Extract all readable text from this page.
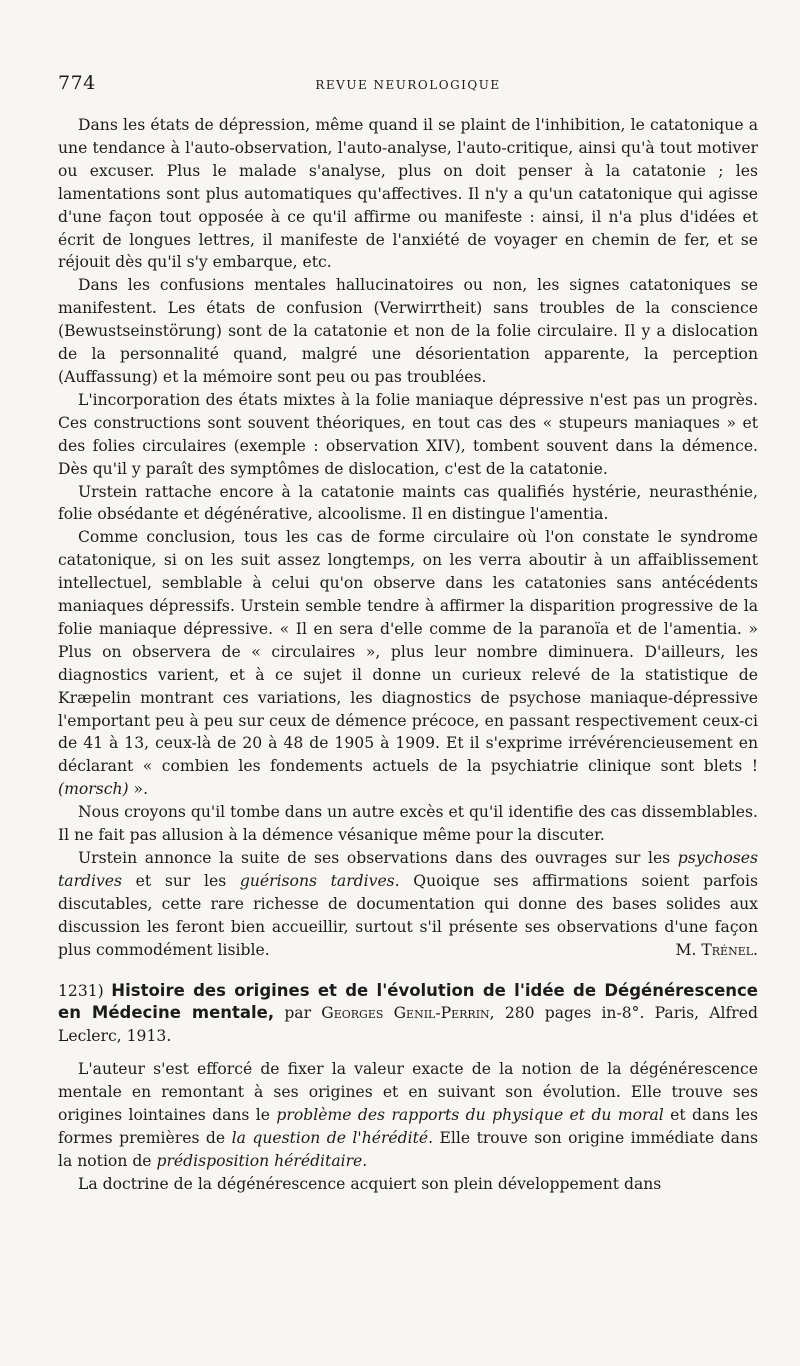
774	REVUE NEUROLOGIQUE

Dans les états de dépression, même quand il se plaint de l'inhibition, le catatonique a une tendance à l'auto-observation, l'auto-analyse, l'auto-critique, ainsi qu'à tout motiver ou excuser. Plus le malade s'analyse, plus on doit penser à la catatonie ; les lamentations sont plus automatiques qu'affectives. Il n'y a qu'un catatonique qui agisse d'une façon tout opposée à ce qu'il affirme ou manifeste : ainsi, il n'a plus d'idées et écrit de longues lettres, il manifeste de l'anxiété de voyager en chemin de fer, et se réjouit dès qu'il s'y embarque, etc.

Dans les confusions mentales hallucinatoires ou non, les signes catatoniques se manifestent. Les états de confusion (Verwirrtheit) sans troubles de la conscience (Bewustseinstörung) sont de la catatonie et non de la folie circulaire. Il y a dislocation de la personnalité quand, malgré une désorientation apparente, la perception (Auffassung) et la mémoire sont peu ou pas troublées.

L'incorporation des états mixtes à la folie maniaque dépressive n'est pas un progrès. Ces constructions sont souvent théoriques, en tout cas des « stupeurs maniaques » et des folies circulaires (exemple : observation XIV), tombent souvent dans la démence. Dès qu'il y paraît des symptômes de dislocation, c'est de la catatonie.

Urstein rattache encore à la catatonie maints cas qualifiés hystérie, neurasthénie, folie obsédante et dégénérative, alcoolisme. Il en distingue l'amentia.

Comme conclusion, tous les cas de forme circulaire où l'on constate le syndrome catatonique, si on les suit assez longtemps, on les verra aboutir à un affaiblissement intellectuel, semblable à celui qu'on observe dans les catatonies sans antécédents maniaques dépressifs. Urstein semble tendre à affirmer la disparition progressive de la folie maniaque dépressive. « Il en sera d'elle comme de la paranoïa et de l'amentia. » Plus on observera de « circulaires », plus leur nombre diminuera. D'ailleurs, les diagnostics varient, et à ce sujet il donne un curieux relevé de la statistique de Kræpelin montrant ces variations, les diagnostics de psychose maniaque-dépressive l'emportant peu à peu sur ceux de démence précoce, en passant respectivement ceux-ci de 41 à 13, ceux-là de 20 à 48 de 1905 à 1909. Et il s'exprime irrévérencieusement en déclarant « combien les fondements actuels de la psychiatrie clinique sont blets ! (morsch) ».

Nous croyons qu'il tombe dans un autre excès et qu'il identifie des cas dissemblables. Il ne fait pas allusion à la démence vésanique même pour la discuter.

Urstein annonce la suite de ses observations dans des ouvrages sur les psychoses tardives et sur les guérisons tardives. Quoique ses affirmations soient parfois discutables, cette rare richesse de documentation qui donne des bases solides aux discussion les feront bien accueillir, surtout s'il présente ses observations d'une façon plus commodément lisible.	M. Trénel.

1231) Histoire des origines et de l'évolution de l'idée de Dégénérescence en Médecine mentale, par Georges Genil-Perrin, 280 pages in-8°. Paris, Alfred Leclerc, 1913.

L'auteur s'est efforcé de fixer la valeur exacte de la notion de la dégénérescence mentale en remontant à ses origines et en suivant son évolution. Elle trouve ses origines lointaines dans le problème des rapports du physique et du moral et dans les formes premières de la question de l'hérédité. Elle trouve son origine immédiate dans la notion de prédisposition héréditaire.

La doctrine de la dégénérescence acquiert son plein développement dans
